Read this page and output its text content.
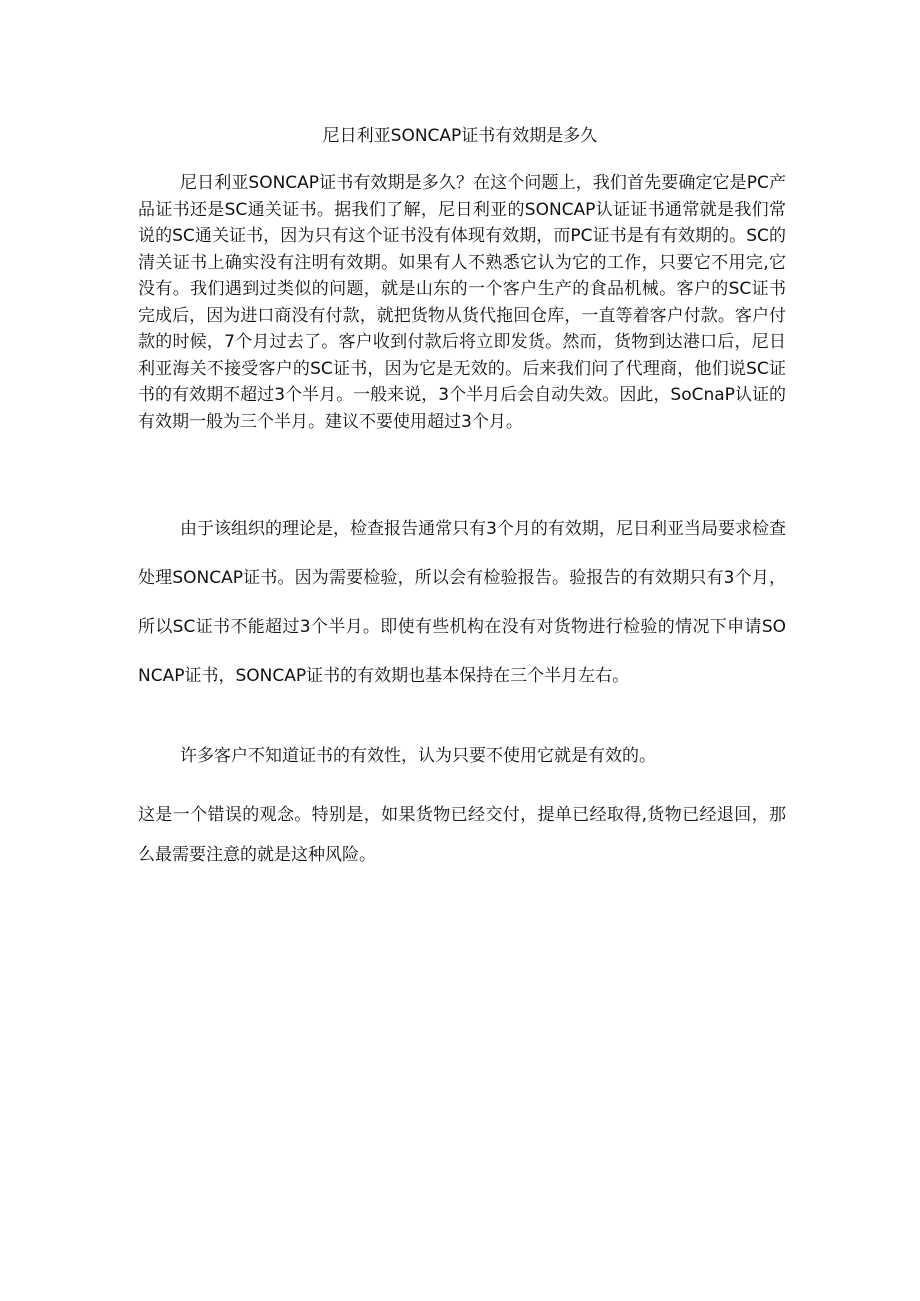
尼日利亚SONCAP证书有效期是多久

尼日利亚SONCAP证书有效期是多久？在这个问题上，我们首先要确定它是PC产品证书还是SC通关证书。据我们了解，尼日利亚的SONCAP认证证书通常就是我们常说的SC通关证书，因为只有这个证书没有体现有效期，而PC证书是有有效期的。SC的清关证书上确实没有注明有效期。如果有人不熟悉它认为它的工作，只要它不用完,它没有。我们遇到过类似的问题，就是山东的一个客户生产的食品机械。客户的SC证书完成后，因为进口商没有付款，就把货物从货代拖回仓库，一直等着客户付款。客户付款的时候，7个月过去了。客户收到付款后将立即发货。然而，货物到达港口后，尼日利亚海关不接受客户的SC证书，因为它是无效的。后来我们问了代理商，他们说SC证书的有效期不超过3个半月。一般来说，3个半月后会自动失效。因此，SoCnaP认证的有效期一般为三个半月。建议不要使用超过3个月。

由于该组织的理论是，检查报告通常只有3个月的有效期，尼日利亚当局要求检查处理SONCAP证书。因为需要检验，所以会有检验报告。验报告的有效期只有3个月，所以SC证书不能超过3个半月。即使有些机构在没有对货物进行检验的情况下申请SONCAP证书，SONCAP证书的有效期也基本保持在三个半月左右。

许多客户不知道证书的有效性，认为只要不使用它就是有效的。

这是一个错误的观念。特别是，如果货物已经交付，提单已经取得,货物已经退回，那么最需要注意的就是这种风险。
